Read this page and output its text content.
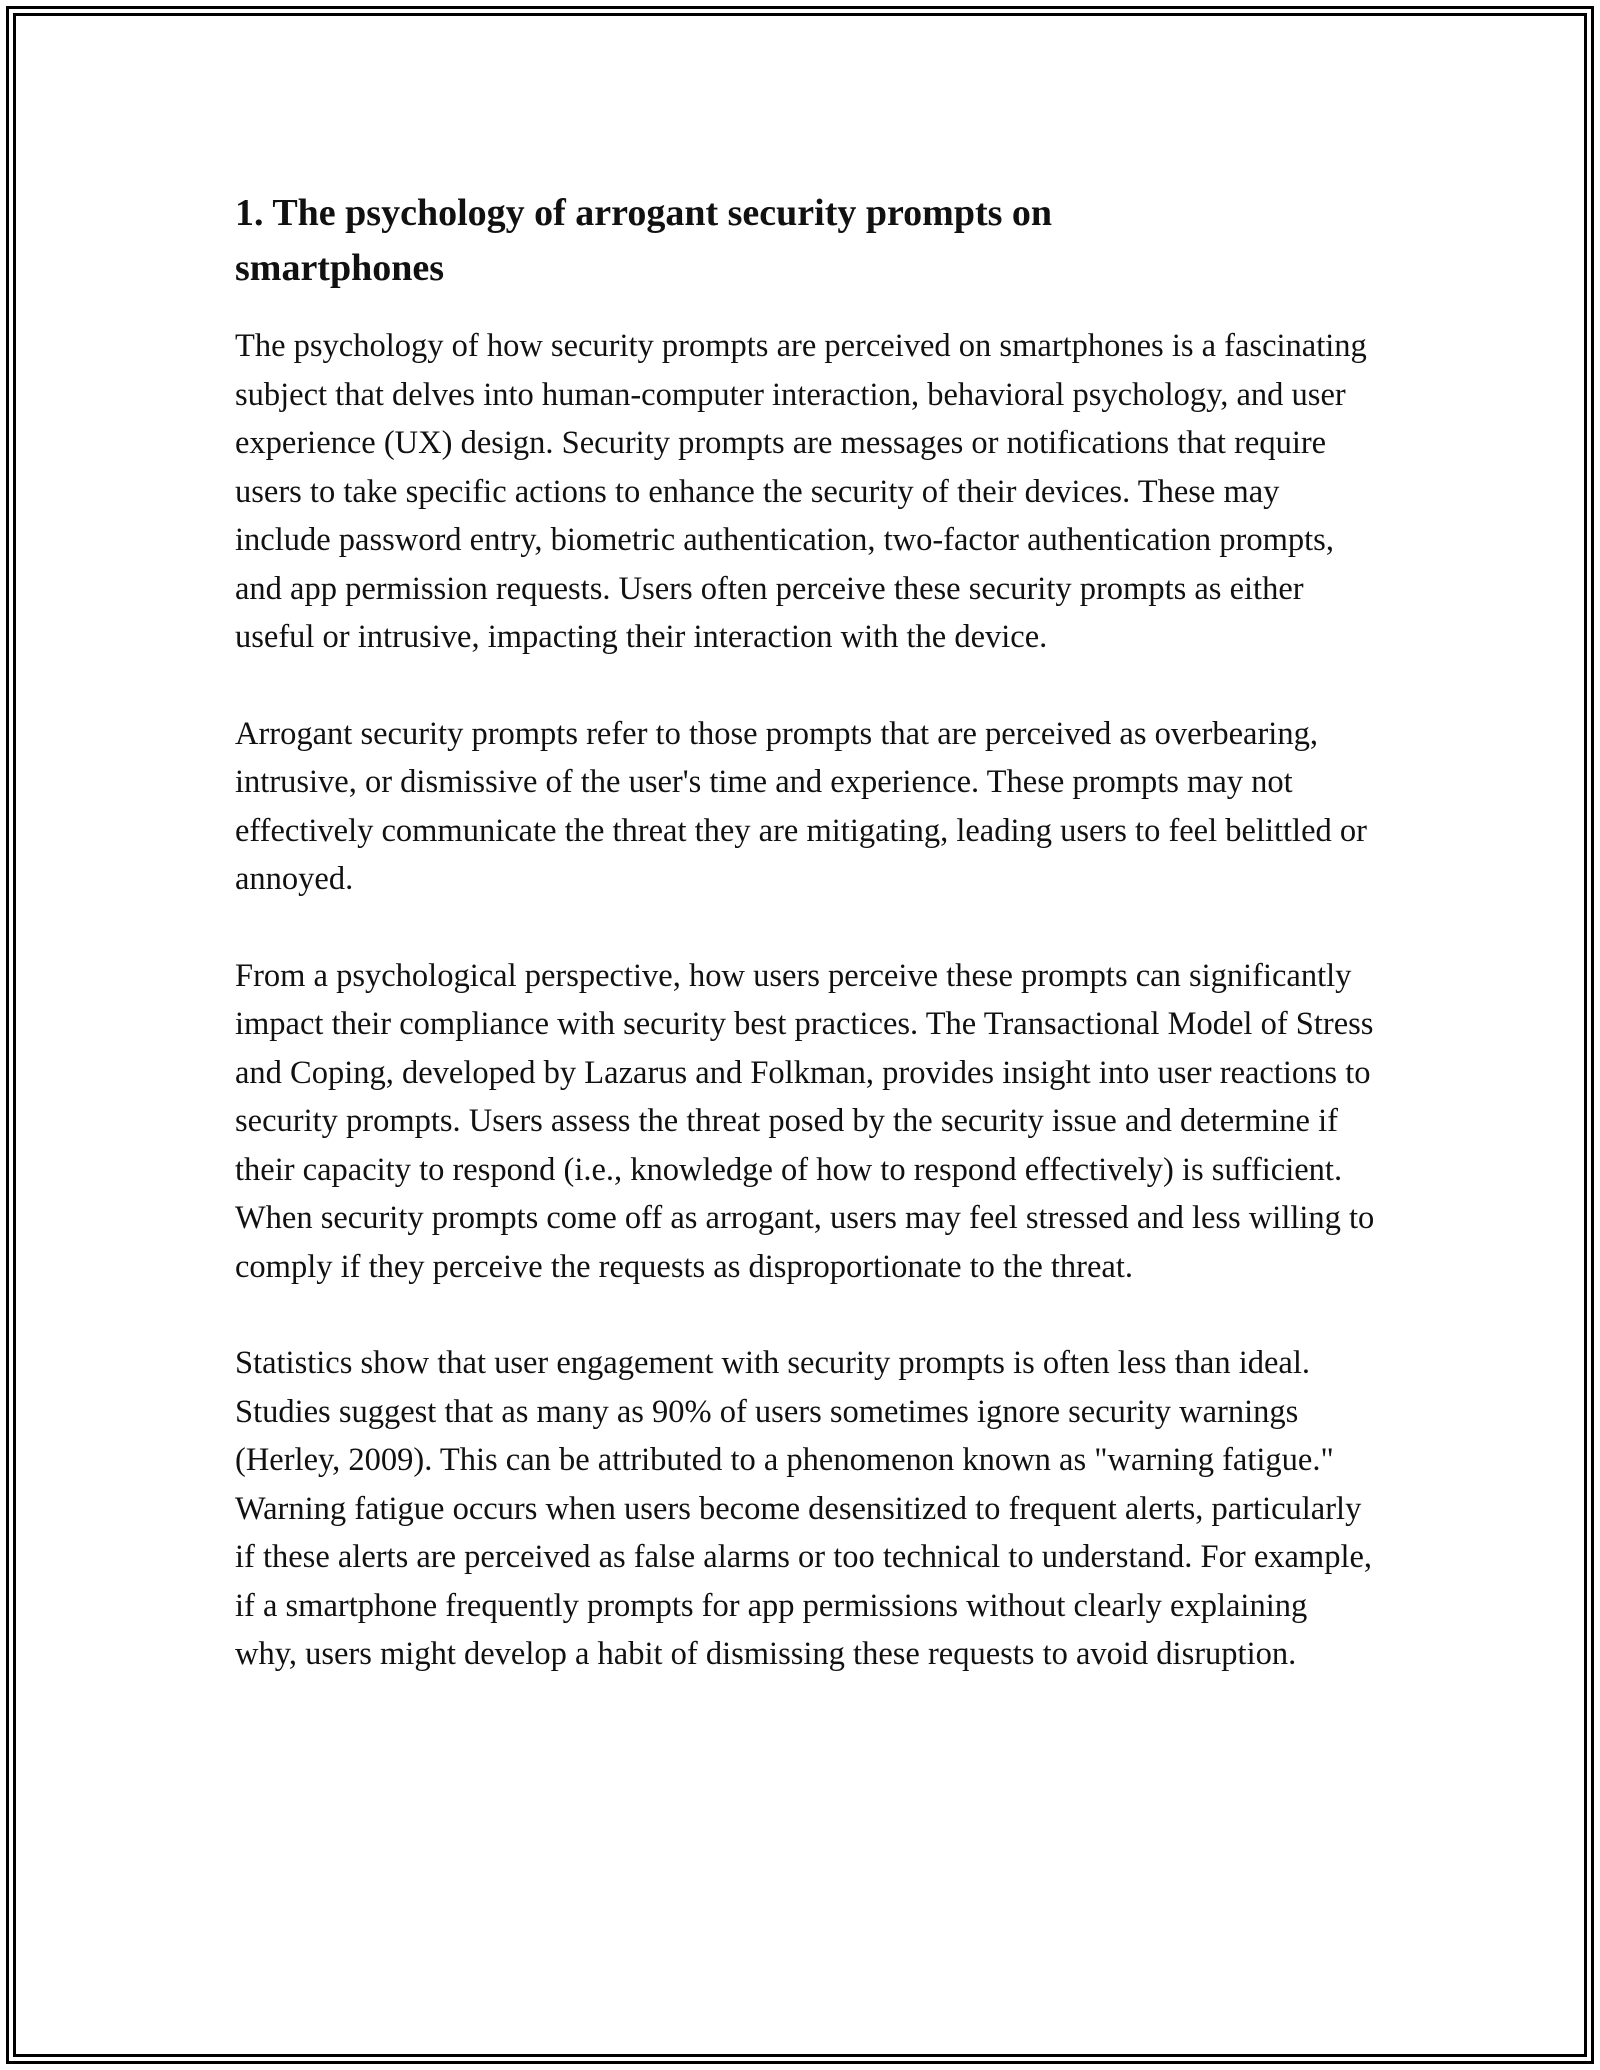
1. The psychology of arrogant security prompts on smartphones

The psychology of how security prompts are perceived on smartphones is a fascinating subject that delves into human-computer interaction, behavioral psychology, and user experience (UX) design. Security prompts are messages or notifications that require users to take specific actions to enhance the security of their devices. These may include password entry, biometric authentication, two-factor authentication prompts, and app permission requests. Users often perceive these security prompts as either useful or intrusive, impacting their interaction with the device.

Arrogant security prompts refer to those prompts that are perceived as overbearing, intrusive, or dismissive of the user's time and experience. These prompts may not effectively communicate the threat they are mitigating, leading users to feel belittled or annoyed.

From a psychological perspective, how users perceive these prompts can significantly impact their compliance with security best practices. The Transactional Model of Stress and Coping, developed by Lazarus and Folkman, provides insight into user reactions to security prompts. Users assess the threat posed by the security issue and determine if their capacity to respond (i.e., knowledge of how to respond effectively) is sufficient. When security prompts come off as arrogant, users may feel stressed and less willing to comply if they perceive the requests as disproportionate to the threat.

Statistics show that user engagement with security prompts is often less than ideal. Studies suggest that as many as 90% of users sometimes ignore security warnings (Herley, 2009). This can be attributed to a phenomenon known as "warning fatigue." Warning fatigue occurs when users become desensitized to frequent alerts, particularly if these alerts are perceived as false alarms or too technical to understand. For example, if a smartphone frequently prompts for app permissions without clearly explaining why, users might develop a habit of dismissing these requests to avoid disruption.
